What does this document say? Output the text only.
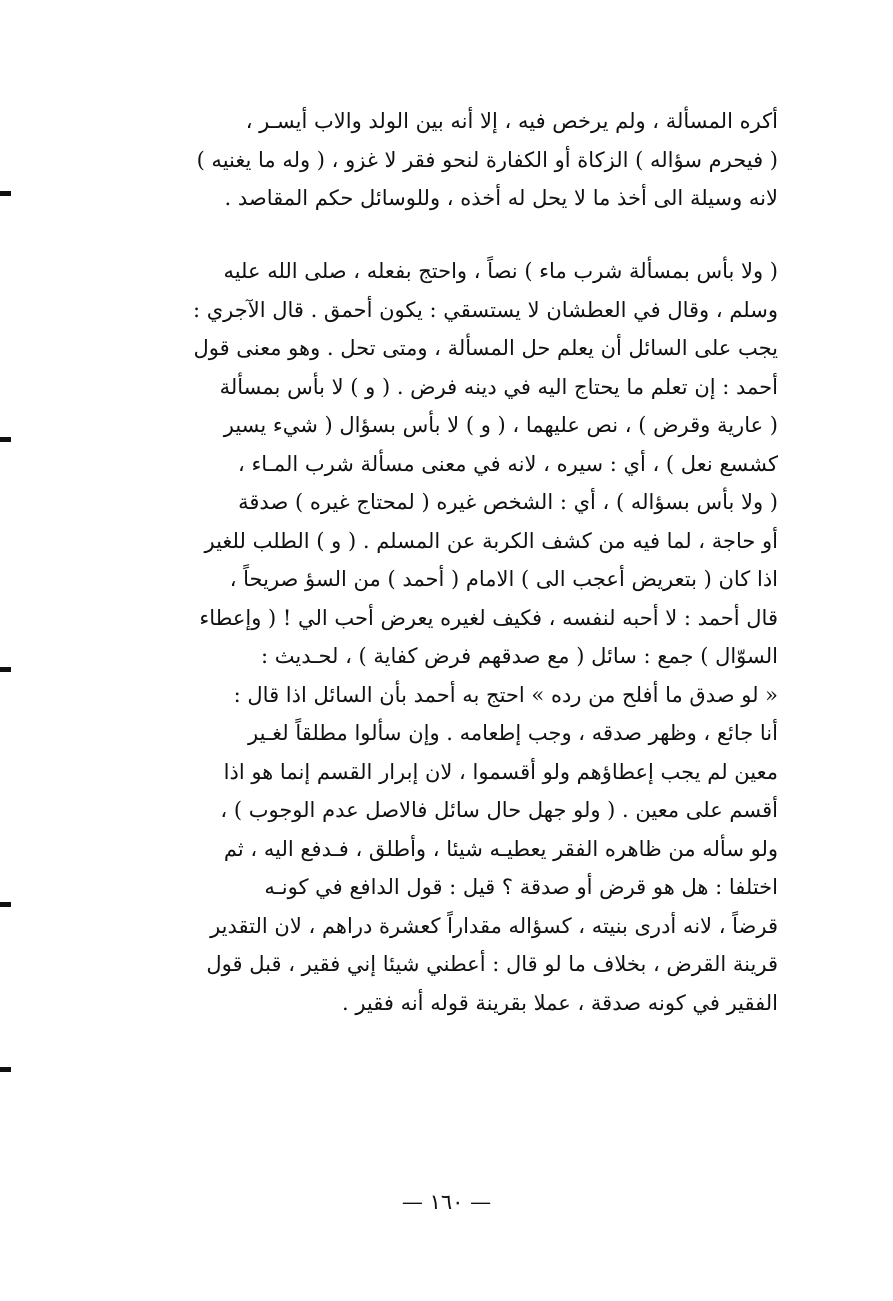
أكره المسألة ، ولم يرخص فيه ، إلا أنه بين الولد والاب أيسـر ،
( فيحرم سؤاله ) الزكاة أو الكفارة لنحو فقر لا غزو ، ( وله ما يغنيه )
لانه وسيلة الى أخذ ما لا يحل له أخذه ، وللوسائل حكم المقاصد .
( ولا بأس بمسألة شرب ماء ) نصاً ، واحتج بفعله ، صلى الله عليه
وسلم ، وقال في العطشان لا يستسقي : يكون أحمق . قال الآجري :
يجب على السائل أن يعلم حل المسألة ، ومتى تحل . وهو معنى قول
أحمد : إن تعلم ما يحتاج اليه في دينه فرض . ( و ) لا بأس بمسألة
( عارية وقرض ) ، نص عليهما ، ( و ) لا بأس بسؤال ( شيء يسير
كشسع نعل ) ، أي : سيره ، لانه في معنى مسألة شرب المـاء ،
( ولا بأس بسؤاله ) ، أي : الشخص غيره ( لمحتاج غيره ) صدقة
أو حاجة ، لما فيه من كشف الكربة عن المسلم . ( و ) الطلب للغير
اذا كان ( بتعريض أعجب الى ) الامام ( أحمد ) من السؤ صريحاً ،
قال أحمد : لا أحبه لنفسه ، فكيف لغيره يعرض أحب الي ! ( وإعطاء
السوّال ) جمع : سائل ( مع صدقهم فرض كفاية ) ، لحـديث :
« لو صدق ما أفلح من رده » احتج به أحمد بأن السائل اذا قال :
أنا جائع ، وظهر صدقه ، وجب إطعامه . وإن سألوا مطلقاً لغـير
معين لم يجب إعطاؤهم ولو أقسموا ، لان إبرار القسم إنما هو اذا
أقسم على معين . ( ولو جهل حال سائل فالاصل عدم الوجوب ) ،
ولو سأله من ظاهره الفقر يعطيـه شيئا ، وأطلق ، فـدفع اليه ، ثم
اختلفا : هل هو قرض أو صدقة ؟ قيل : قول الدافع في كونـه
قرضاً ، لانه أدرى بنيته ، كسؤاله مقداراً كعشرة دراهم ، لان التقدير
قرينة القرض ، بخلاف ما لو قال : أعطني شيئا إني فقير ، قبل قول
الفقير في كونه صدقة ، عملا بقرينة قوله أنه فقير .
— ١٦٠ —
